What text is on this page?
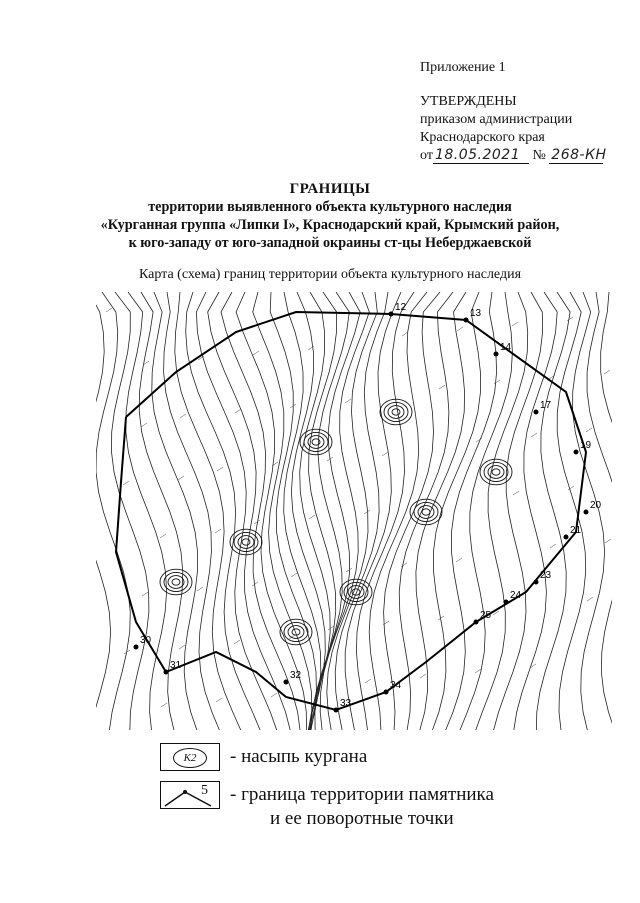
Приложение 1
УТВЕРЖДЕНЫ
приказом администрации
Краснодарского края
от 18.05.2021 № 268-КН
ГРАНИЦЫ
территории выявленного объекта культурного наследия
«Курганная группа «Липки I», Краснодарский край, Крымский район,
к юго-западу от юго-западной окраины ст-цы Неберджаевской
Карта (схема) границ территории объекта культурного наследия
12
13
14
17
19
20
21
23
24
25
30
31
32
33
34
К2	- насыпь кургана
5 - граница территории памятника
и ее поворотные точки
